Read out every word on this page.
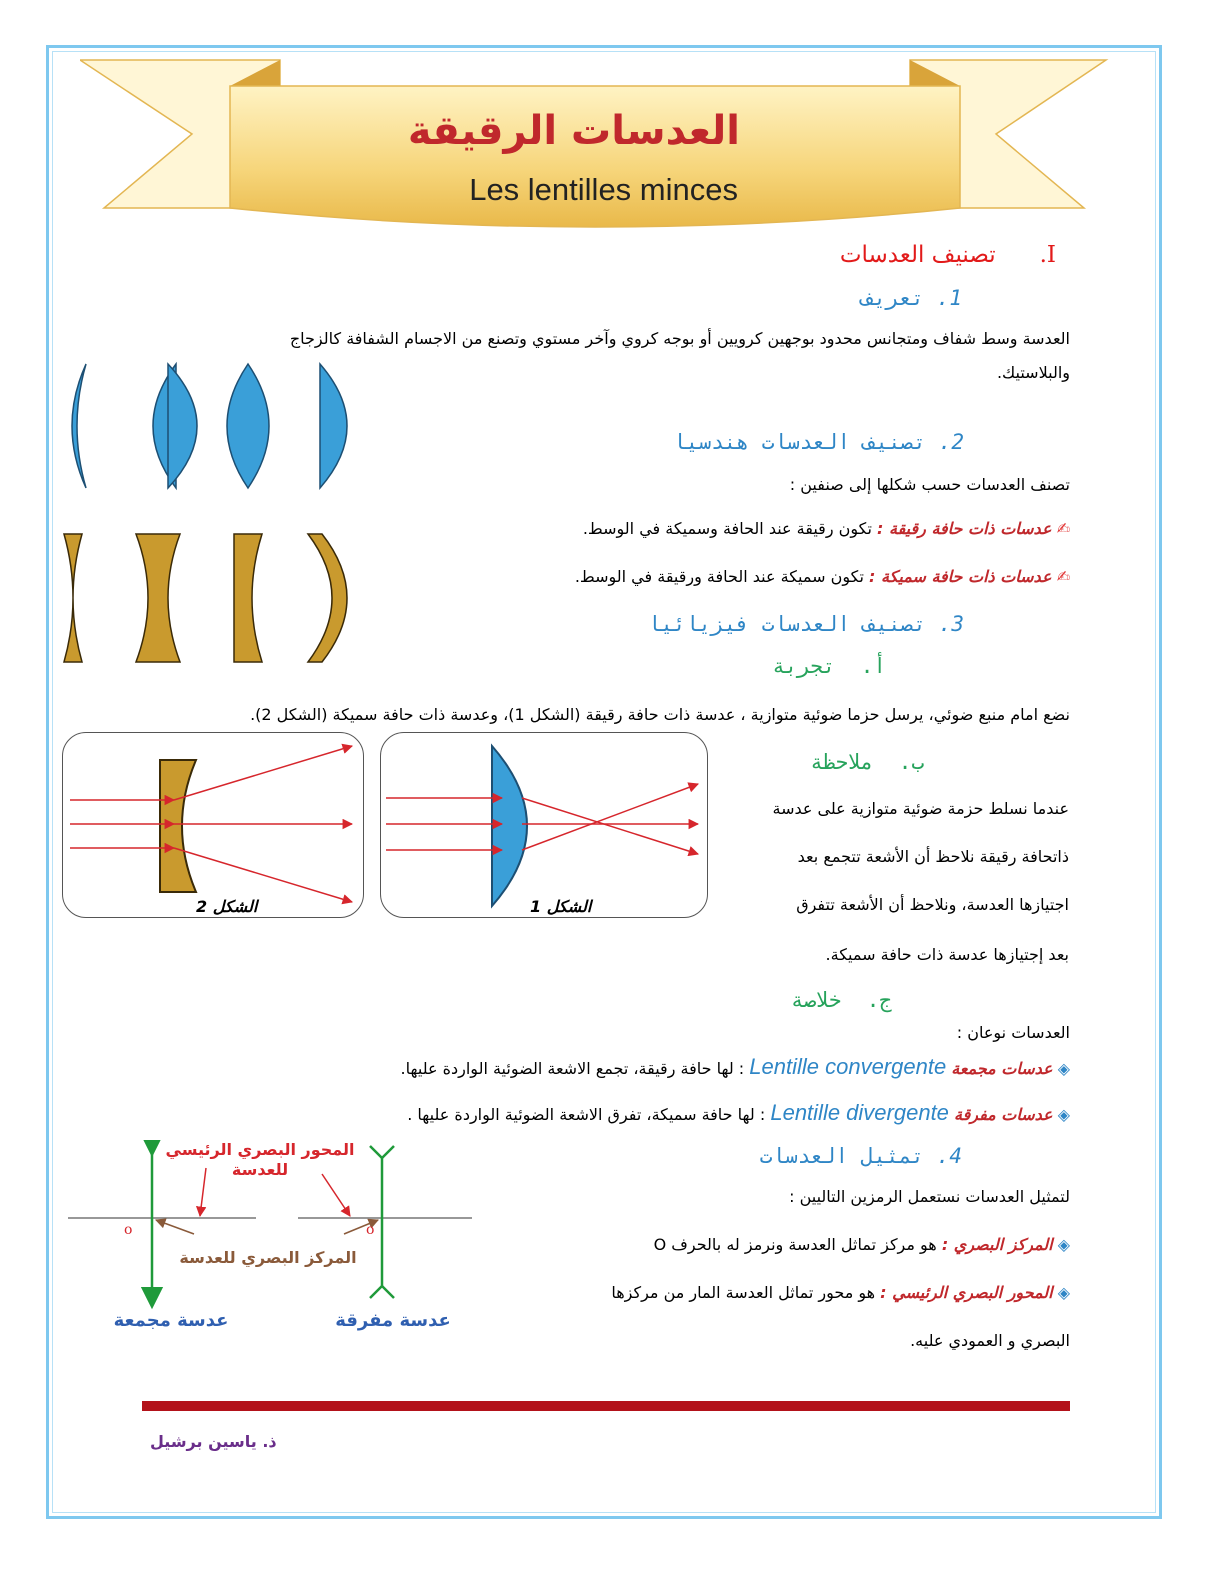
العدسات الرقيقة
Les lentilles minces
I.      تصنيف العدسات
1. تعريف
العدسة وسط شفاف ومتجانس محدود بوجهين كرويين أو بوجه كروي وآخر مستوي وتصنع من الاجسام الشفافة كالزجاج
والبلاستيك.
2. تصنيف العدسات هندسيا
تصنف العدسات حسب شكلها إلى صنفين :
✍ عدسات ذات حافة رقيقة : تكون رقيقة عند الحافة وسميكة في الوسط.
✍ عدسات ذات حافة سميكة : تكون سميكة عند الحافة ورقيقة في الوسط.
3. تصنيف العدسات فيزيائيا
أ.  تجربة
نضع امام منبع ضوئي، يرسل حزما ضوئية متوازية ، عدسة ذات حافة رقيقة (الشكل 1)، وعدسة ذات حافة سميكة (الشكل 2).
الشكل 2	الشكل 1
ب.  ملاحظة
عندما نسلط حزمة ضوئية متوازية على عدسة
ذاتحافة رقيقة نلاحظ أن الأشعة تتجمع بعد
اجتيازها العدسة، ونلاحظ أن الأشعة تتفرق
بعد إجتيازها عدسة ذات حافة سميكة.
ج.  خلاصة
العدسات نوعان :
◈ عدسات مجمعة Lentille convergente : لها حافة رقيقة، تجمع الاشعة الضوئية الواردة عليها.
◈ عدسات مفرقة Lentille divergente : لها حافة سميكة، تفرق الاشعة الضوئية الواردة عليها .
4. تمثيل العدسات
لتمثيل العدسات نستعمل الرمزين التاليين :
◈ المركز البصري : هو مركز تماثل العدسة ونرمز له بالحرف O
◈ المحور البصري الرئيسي : هو محور تماثل العدسة المار من مركزها
البصري و العمودي عليه.
المحور البصري الرئيسي
للعدسة
المركز البصري للعدسة
o	o
عدسة مجمعة	عدسة مفرقة
ذ. ياسين برشيل
